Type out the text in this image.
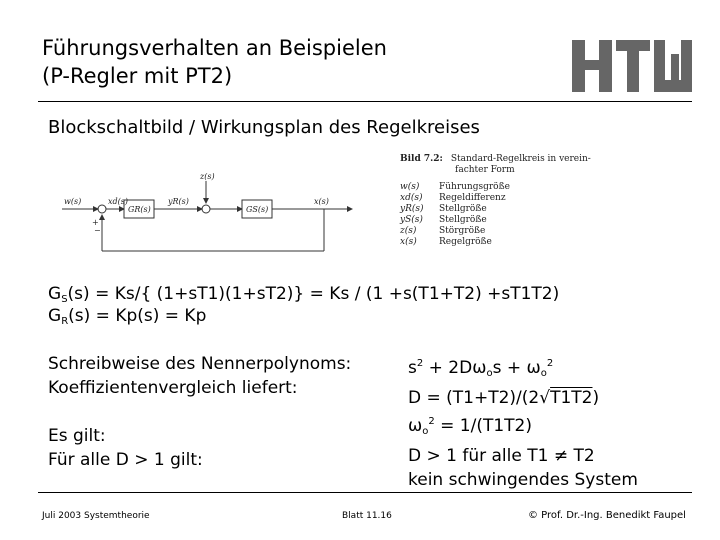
Führungsverhalten an Beispielen
(P-Regler mit PT2)
Blockschaltbild / Wirkungsplan des Regelkreises
w(s)	xd(s)
GR(s)
yR(s)
z(s)
GS(s)
x(s)
+
−
Bild 7.2: Standard-Regelkreis in verein-
fachter Form
w(s)	Führungsgröße
xd(s)	Regeldifferenz
yR(s)	Stellgröße
yS(s)	Stellgröße
z(s)	Störgröße
x(s)	Regelgröße
$G_S(s) = Ks/${ (1+sT1)(1+sT2)} = Ks / (1 +s(T1+T2) +sT1T2)
$G_R(s) = Kp(s) = Kp$
Schreibweise des Nennerpolynoms:
Koeffizientenvergleich liefert:
Es gilt:
Für alle D > 1 gilt:
$s^2 + 2D\omega_os + \omega_o^2$
D = (T1+T2)/(2√T1T2)
$\omega_o^2 = 1/(T1T2)$
D > 1 für alle T1 ≠ T2
kein schwingendes System
Juli 2003 Systemtheorie	Blatt 11.16	© Prof. Dr.-Ing. Benedikt Faupel
